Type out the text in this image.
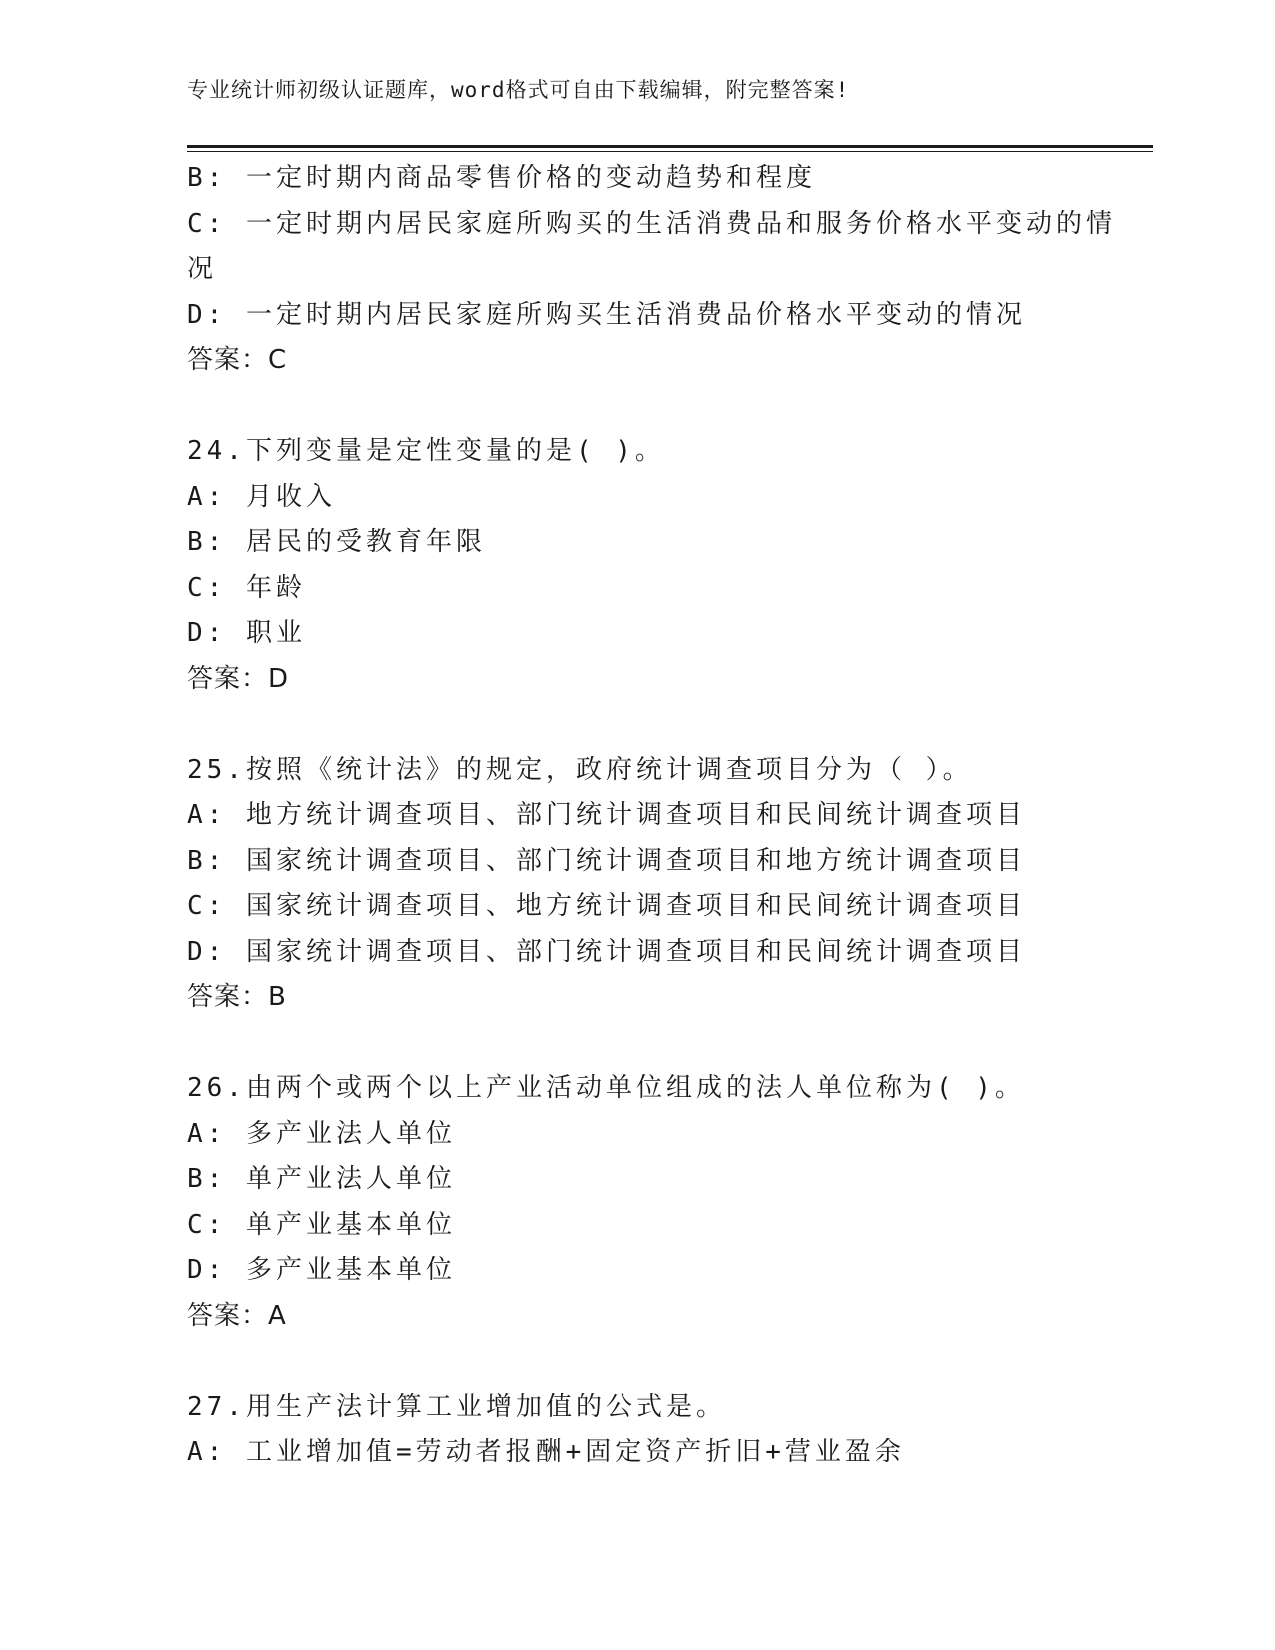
专业统计师初级认证题库，word格式可自由下载编辑，附完整答案!
B: 一定时期内商品零售价格的变动趋势和程度
C: 一定时期内居民家庭所购买的生活消费品和服务价格水平变动的情
况
D: 一定时期内居民家庭所购买生活消费品价格水平变动的情况
答案：C
24.下列变量是定性变量的是( )。
A: 月收入
B: 居民的受教育年限
C: 年龄
D: 职业
答案：D
25.按照《统计法》的规定，政府统计调查项目分为（ ）。
A: 地方统计调查项目、部门统计调查项目和民间统计调查项目
B: 国家统计调查项目、部门统计调查项目和地方统计调查项目
C: 国家统计调查项目、地方统计调查项目和民间统计调查项目
D: 国家统计调查项目、部门统计调查项目和民间统计调查项目
答案：B
26.由两个或两个以上产业活动单位组成的法人单位称为( )。
A: 多产业法人单位
B: 单产业法人单位
C: 单产业基本单位
D: 多产业基本单位
答案：A
27.用生产法计算工业增加值的公式是。
A: 工业增加值=劳动者报酬+固定资产折旧+营业盈余
